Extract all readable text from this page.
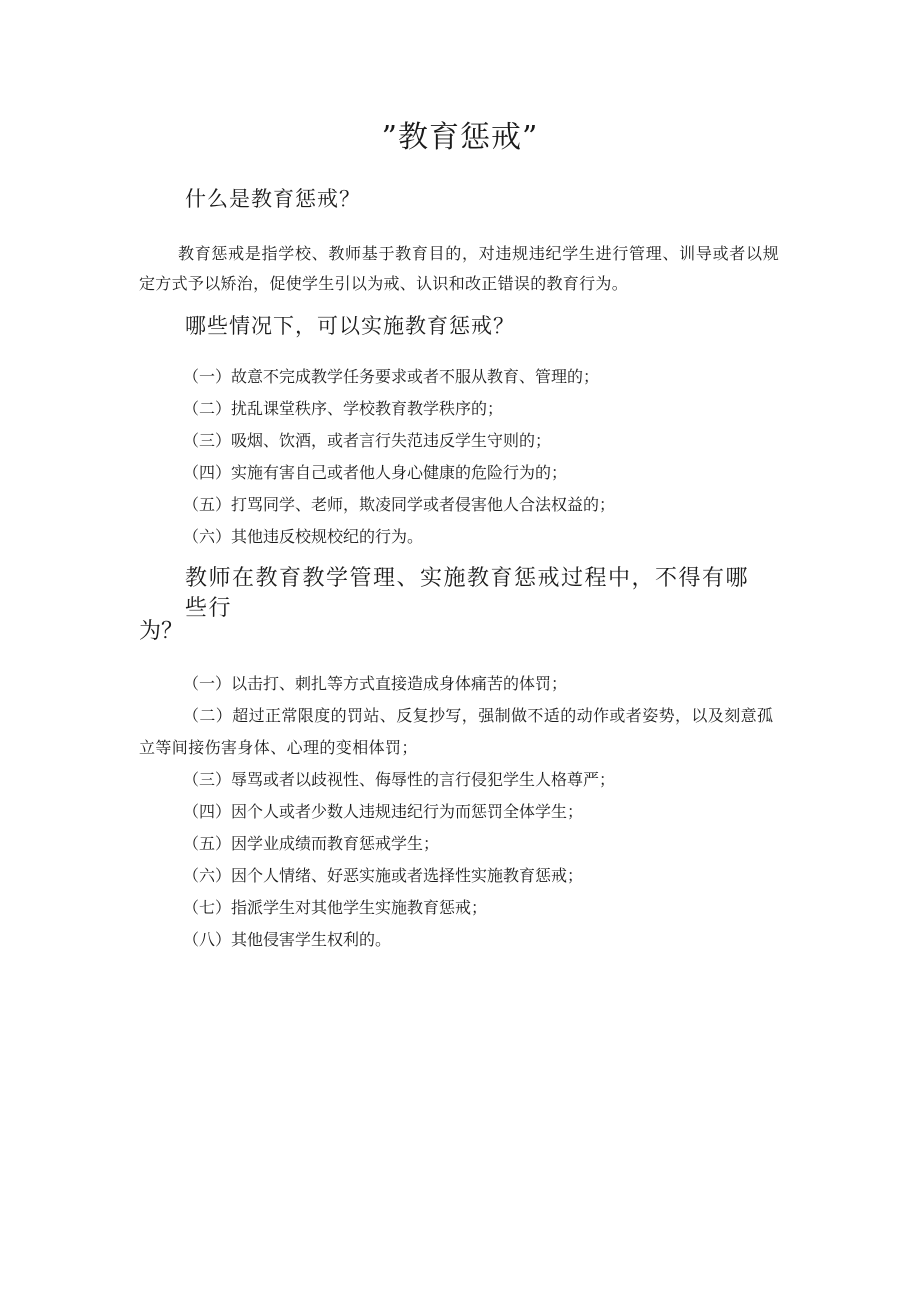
”教育惩戒”
什么是教育惩戒？
教育惩戒是指学校、教师基于教育目的，对违规违纪学生进行管理、训导或者以规定方式予以矫治，促使学生引以为戒、认识和改正错误的教育行为。
哪些情况下，可以实施教育惩戒？
（一）故意不完成教学任务要求或者不服从教育、管理的；
（二）扰乱课堂秩序、学校教育教学秩序的；
（三）吸烟、饮酒，或者言行失范违反学生守则的；
（四）实施有害自己或者他人身心健康的危险行为的；
（五）打骂同学、老师，欺凌同学或者侵害他人合法权益的；
（六）其他违反校规校纪的行为。
教师在教育教学管理、实施教育惩戒过程中，不得有哪些行
为？
（一）以击打、刺扎等方式直接造成身体痛苦的体罚；
（二）超过正常限度的罚站、反复抄写，强制做不适的动作或者姿势，以及刻意孤立等间接伤害身体、心理的变相体罚；
（三）辱骂或者以歧视性、侮辱性的言行侵犯学生人格尊严；
（四）因个人或者少数人违规违纪行为而惩罚全体学生；
（五）因学业成绩而教育惩戒学生；
（六）因个人情绪、好恶实施或者选择性实施教育惩戒；
（七）指派学生对其他学生实施教育惩戒；
（八）其他侵害学生权利的。
